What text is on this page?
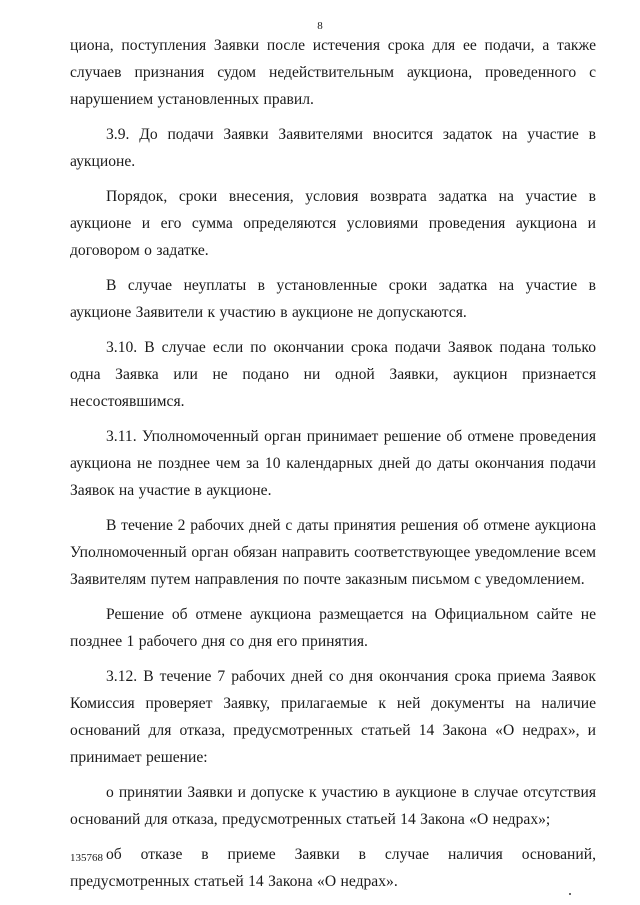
8

циона, поступления Заявки после истечения срока для ее подачи, а также случаев признания судом недействительным аукциона, проведенного с нарушением установленных правил.

3.9. До подачи Заявки Заявителями вносится задаток на участие в аукционе.

Порядок, сроки внесения, условия возврата задатка на участие в аукционе и его сумма определяются условиями проведения аукциона и договором о задатке.

В случае неуплаты в установленные сроки задатка на участие в аукционе Заявители к участию в аукционе не допускаются.

3.10. В случае если по окончании срока подачи Заявок подана только одна Заявка или не подано ни одной Заявки, аукцион признается несостоявшимся.

3.11. Уполномоченный орган принимает решение об отмене проведения аукциона не позднее чем за 10 календарных дней до даты окончания подачи Заявок на участие в аукционе.

В течение 2 рабочих дней с даты принятия решения об отмене аукциона Уполномоченный орган обязан направить соответствующее уведомление всем Заявителям путем направления по почте заказным письмом с уведомлением.

Решение об отмене аукциона размещается на Официальном сайте не позднее 1 рабочего дня со дня его принятия.

3.12. В течение 7 рабочих дней со дня окончания срока приема Заявок Комиссия проверяет Заявку, прилагаемые к ней документы на наличие оснований для отказа, предусмотренных статьей 14 Закона «О недрах», и принимает решение:

о принятии Заявки и допуске к участию в аукционе в случае отсутствия оснований для отказа, предусмотренных статьей 14 Закона «О недрах»;

об отказе в приеме Заявки в случае наличия оснований, предусмотренных статьей 14 Закона «О недрах».

135768
